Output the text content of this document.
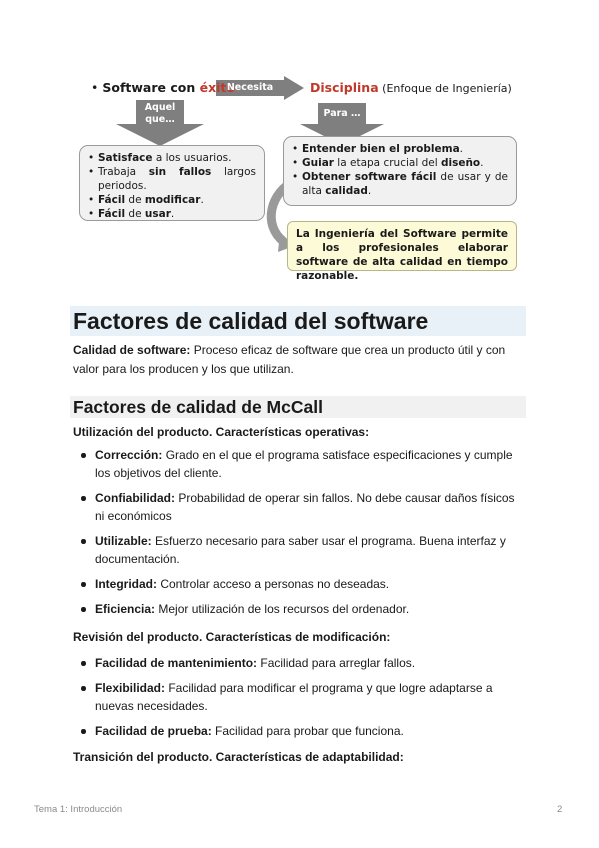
• Software con éxito
Necesita	Disciplina (Enfoque de Ingeniería)
Aquel que…
Para …
• Satisface a los usuarios.
• Trabaja sin fallos largos periodos.
• Fácil de modificar.
• Fácil de usar.
• Entender bien el problema.
• Guiar la etapa crucial del diseño.
• Obtener software fácil de usar y de alta calidad.
La Ingeniería del Software permite a los profesionales elaborar software de alta calidad en tiempo razonable.
Factores de calidad del software
Calidad de software: Proceso eficaz de software que crea un producto útil y con valor para los producen y los que utilizan.
Factores de calidad de McCall
Utilización del producto. Características operativas:
Corrección: Grado en el que el programa satisface especificaciones y cumple los objetivos del cliente.
Confiabilidad: Probabilidad de operar sin fallos. No debe causar daños físicos ni económicos
Utilizable: Esfuerzo necesario para saber usar el programa. Buena interfaz y documentación.
Integridad: Controlar acceso a personas no deseadas.
Eficiencia: Mejor utilización de los recursos del ordenador.
Revisión del producto. Características de modificación:
Facilidad de mantenimiento: Facilidad para arreglar fallos.
Flexibilidad: Facilidad para modificar el programa y que logre adaptarse a nuevas necesidades.
Facilidad de prueba: Facilidad para probar que funciona.
Transición del producto. Características de adaptabilidad:
Tema 1: Introducción	2
